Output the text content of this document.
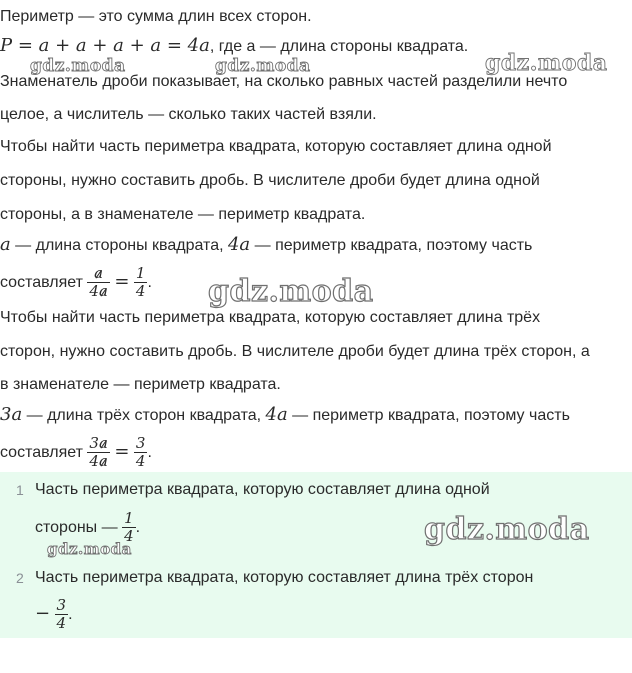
Периметр — это сумма длин всех сторон.
P = a + a + a + a = 4a, где a — длина стороны квадрата.
Знаменатель дроби показывает, на сколько равных частей разделили нечто
целое, а числитель — сколько таких частей взяли.
Чтобы найти часть периметра квадрата, которую составляет длина одной
стороны, нужно составить дробь. В числителе дроби будет длина одной
стороны, а в знаменателе — периметр квадрата.
a — длина стороны квадрата, 4a — периметр квадрата, поэтому часть
составляет $\frac{a}{4a} = \frac{1}{4}$ .
Чтобы найти часть периметра квадрата, которую составляет длина трёх
сторон, нужно составить дробь. В числителе дроби будет длина трёх сторон, а
в знаменателе — периметр квадрата.
3a — длина трёх сторон квадрата, 4a — периметр квадрата, поэтому часть
составляет $\frac{3a}{4a} = \frac{3}{4}$ .
1 Часть периметра квадрата, которую составляет длина одной
стороны — $\frac{1}{4}$ .
2 Часть периметра квадрата, которую составляет длина трёх сторон
− $\frac{3}{4}$ .
gdz.moda	gdz.moda	gdz.moda
gdz.moda
gdz.moda
gdz.moda
